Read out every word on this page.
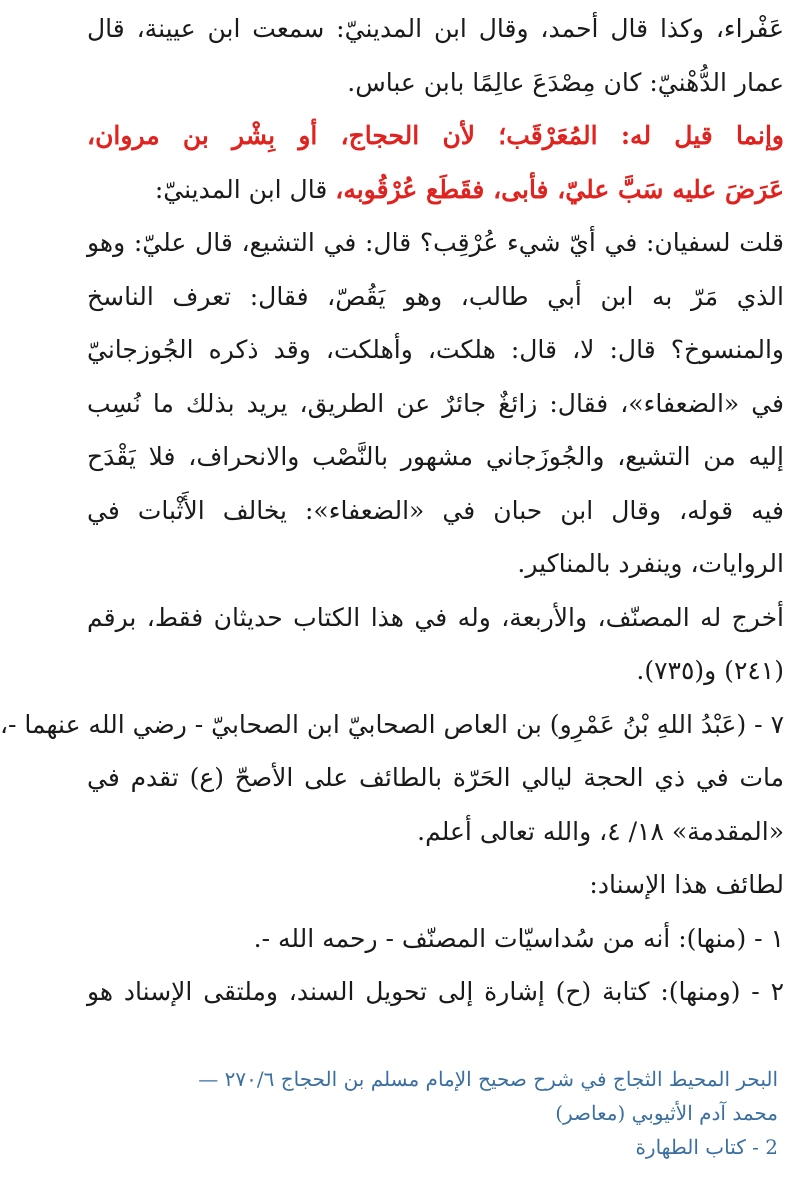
عَفْراء، وكذا قال أحمد، وقال ابن المدينيّ: سمعت ابن عيينة، قال
عمار الدُّهْنيّ: كان مِصْدَعَ عالِمًا بابن عباس.
وإنما قيل له: المُعَرْقَب؛ لأن الحجاج، أو بِشْر بن مروان،
عَرَضَ عليه سَبَّ عليّ، فأبى، فقَطَع عُرْقُوبه، قال ابن المدينيّ:
قلت لسفيان: في أيّ شيء عُرْقِب؟ قال: في التشيع، قال عليّ: وهو
الذي مَرّ به ابن أبي طالب، وهو يَقُصّ، فقال: تعرف الناسخ
والمنسوخ؟ قال: لا، قال: هلكت، وأهلكت، وقد ذكره الجُوزجانيّ
في «الضعفاء»، فقال: زائغٌ جائرٌ عن الطريق، يريد بذلك ما نُسِب
إليه من التشيع، والجُوزَجاني مشهور بالنَّصْب والانحراف، فلا يَقْدَح
فيه قوله، وقال ابن حبان في «الضعفاء»: يخالف الأَثْبات في
الروايات، وينفرد بالمناكير.
أخرج له المصنّف، والأربعة، وله في هذا الكتاب حديثان فقط، برقم
(٢٤١) و(٧٣٥).
٧ - (عَبْدُ اللهِ بْنُ عَمْرِو) بن العاص الصحابيّ ابن الصحابيّ - رضي الله عنهما -،
مات في ذي الحجة ليالي الحَرّة بالطائف على الأصحّ (ع) تقدم في
«المقدمة» ١٨/ ٤، والله تعالى أعلم.
لطائف هذا الإسناد:
١ - (منها): أنه من سُداسيّات المصنّف - رحمه الله -.
٢ - (ومنها): كتابة (ح) إشارة إلى تحويل السند، وملتقى الإسناد هو
البحر المحيط الثجاج في شرح صحيح الإمام مسلم بن الحجاج ٢٧٠/٦ —
محمد آدم الأثيوبي (معاصر)
2 - كتاب الطهارة
